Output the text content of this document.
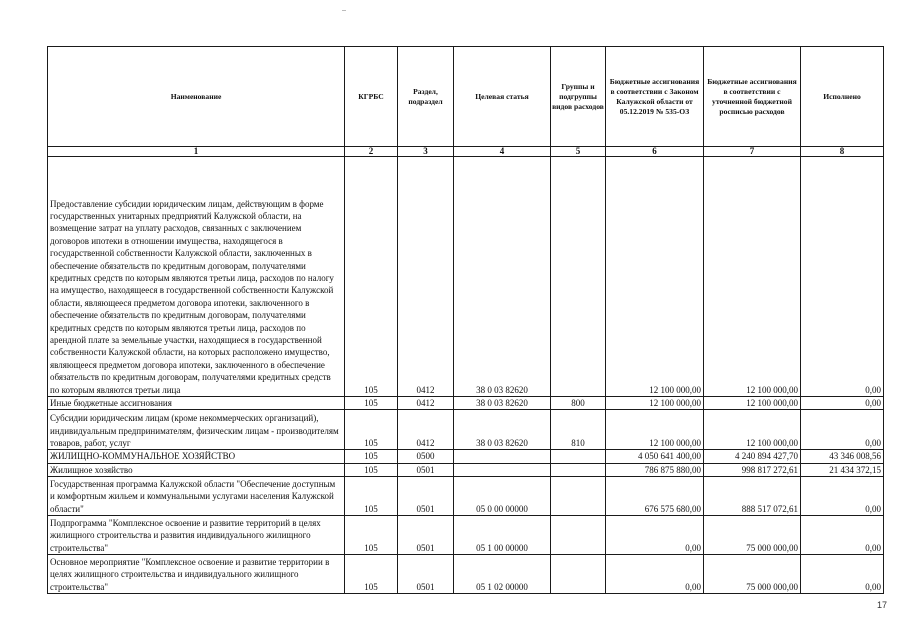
Наименование	КГРБС	Раздел, подраздел	Целевая статья	Группы и подгруппы видов расходов	Бюджетные ассигнования в соответствии с Законом Калужской области от 05.12.2019 № 535-ОЗ	Бюджетные ассигнования в соответствии с уточненной бюджетной росписью расходов	Исполнено
1	2	3	4	5	6	7	8
Предоставление субсидии юридическим лицам, действующим в форме государственных унитарных предприятий Калужской области, на возмещение затрат на уплату расходов, связанных с заключением договоров ипотеки в отношении имущества, находящегося в государственной собственности Калужской области, заключенных в обеспечение обязательств по кредитным договорам, получателями кредитных средств по которым являются третьи лица, расходов по налогу на имущество, находящееся в государственной собственности Калужской области, являющееся предметом договора ипотеки, заключенного в обеспечение обязательств по кредитным договорам, получателями кредитных средств по которым являются третьи лица, расходов по арендной плате за земельные участки, находящиеся в государственной собственности Калужской области, на которых расположено имущество, являющееся предметом договора ипотеки, заключенного в обеспечение обязательств по кредитным договорам, получателями кредитных средств по которым являются третьи лица	105	0412	38 0 03 82620		12 100 000,00	12 100 000,00	0,00
Иные бюджетные ассигнования	105	0412	38 0 03 82620	800	12 100 000,00	12 100 000,00	0,00
Субсидии юридическим лицам (кроме некоммерческих организаций), индивидуальным предпринимателям, физическим лицам - производителям товаров, работ, услуг	105	0412	38 0 03 82620	810	12 100 000,00	12 100 000,00	0,00
ЖИЛИЩНО-КОММУНАЛЬНОЕ ХОЗЯЙСТВО	105	0500			4 050 641 400,00	4 240 894 427,70	43 346 008,56
Жилищное хозяйство	105	0501			786 875 880,00	998 817 272,61	21 434 372,15
Государственная программа Калужской области "Обеспечение доступным и комфортным жильем и коммунальными услугами населения Калужской области"	105	0501	05 0 00 00000		676 575 680,00	888 517 072,61	0,00
Подпрограмма "Комплексное освоение и развитие территорий в целях жилищного строительства и развития индивидуального жилищного строительства"	105	0501	05 1 00 00000		0,00	75 000 000,00	0,00
Основное мероприятие "Комплексное освоение и развитие территории в целях жилищного строительства и индивидуального жилищного строительства"	105	0501	05 1 02 00000		0,00	75 000 000,00	0,00
17
